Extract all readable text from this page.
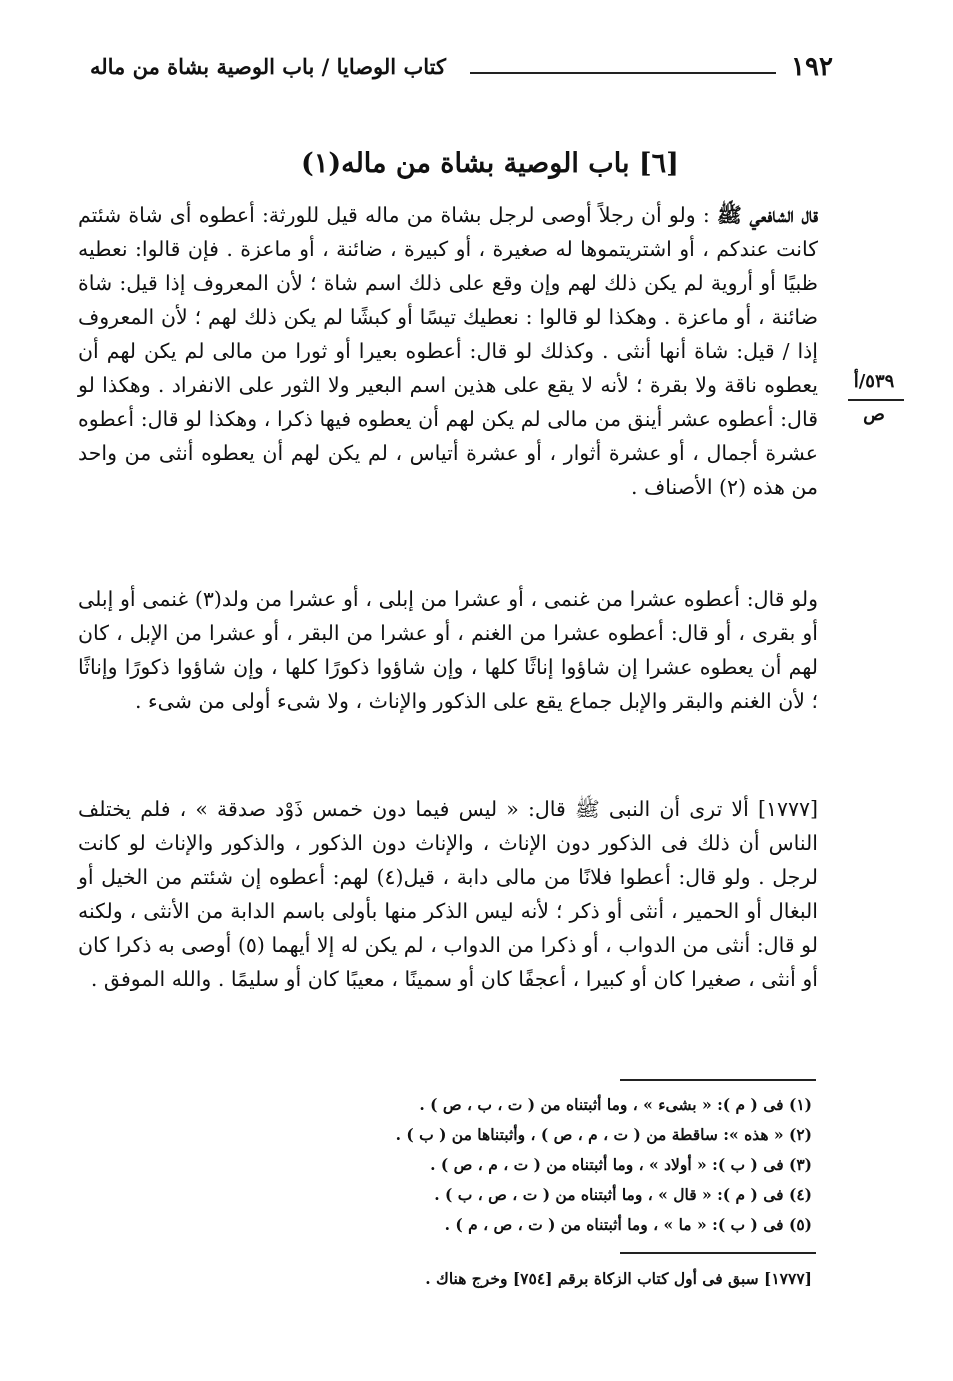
١٩٢
كتاب الوصايا / باب الوصية بشاة من ماله
[٦] باب الوصية بشاة من ماله(١)
٥٣٩/أ
ص
قال الشافعي ﷺ : ولو أن رجلاً أوصى لرجل بشاة من ماله قيل للورثة: أعطوه أى شاة شئتم كانت عندكم ، أو اشتريتموها له صغيرة ، أو كبيرة ، ضائنة ، أو ماعزة . فإن قالوا: نعطيه ظبيًا أو أروية لم يكن ذلك لهم وإن وقع على ذلك اسم شاة ؛ لأن المعروف إذا قيل: شاة ضائنة ، أو ماعزة . وهكذا لو قالوا : نعطيك تيسًا أو كبشًا لم يكن ذلك لهم ؛ لأن المعروف إذا / قيل: شاة أنها أنثى . وكذلك لو قال: أعطوه بعيرا أو ثورا من مالى لم يكن لهم أن يعطوه ناقة ولا بقرة ؛ لأنه لا يقع على هذين اسم البعير ولا الثور على الانفراد . وهكذا لو قال: أعطوه عشر أينق من مالى لم يكن لهم أن يعطوه فيها ذكرا ، وهكذا لو قال: أعطوه عشرة أجمال ، أو عشرة أثوار ، أو عشرة أتياس ، لم يكن لهم أن يعطوه أنثى من واحد من هذه (٢) الأصناف .
ولو قال: أعطوه عشرا من غنمى ، أو عشرا من إبلى ، أو عشرا من ولد(٣) غنمى أو إبلى أو بقرى ، أو قال: أعطوه عشرا من الغنم ، أو عشرا من البقر ، أو عشرا من الإبل ، كان لهم أن يعطوه عشرا إن شاؤوا إناثًا كلها ، وإن شاؤوا ذكورًا كلها ، وإن شاؤوا ذكورًا وإناثًا ؛ لأن الغنم والبقر والإبل جماع يقع على الذكور والإناث ، ولا شىء أولى من شىء .
[١٧٧٧] ألا ترى أن النبى ﷺ قال: « ليس فيما دون خمس ذَوْد صدقة » ، فلم يختلف الناس أن ذلك فى الذكور دون الإناث ، والإناث دون الذكور ، والذكور والإناث لو كانت لرجل . ولو قال: أعطوا فلانًا من مالى دابة ، قيل(٤) لهم: أعطوه إن شئتم من الخيل أو البغال أو الحمير ، أنثى أو ذكر ؛ لأنه ليس الذكر منها بأولى باسم الدابة من الأنثى ، ولكنه لو قال: أنثى من الدواب ، أو ذكرا من الدواب ، لم يكن له إلا أيهما (٥) أوصى به ذكرا كان أو أنثى ، صغيرا كان أو كبيرا ، أعجفًا كان أو سمينًا ، معيبًا كان أو سليمًا . والله الموفق .
(١) فى ( م ): « بشىء » ، وما أثبتناه من ( ت ، ب ، ص ) .
(٢) « هذه »: ساقطة من ( ت ، م ، ص ) ، وأثبتناها من ( ب ) .
(٣) فى ( ب ): « أولاد » ، وما أثبتناه من ( ت ، م ، ص ) .
(٤) فى ( م ): « قال » ، وما أثبتناه من ( ت ، ص ، ب ) .
(٥) فى ( ب ): « ما » ، وما أثبتناه من ( ت ، ص ، م ) .
[١٧٧٧] سبق فى أول كتاب الزكاة برقم [٧٥٤] وخرج هناك .
